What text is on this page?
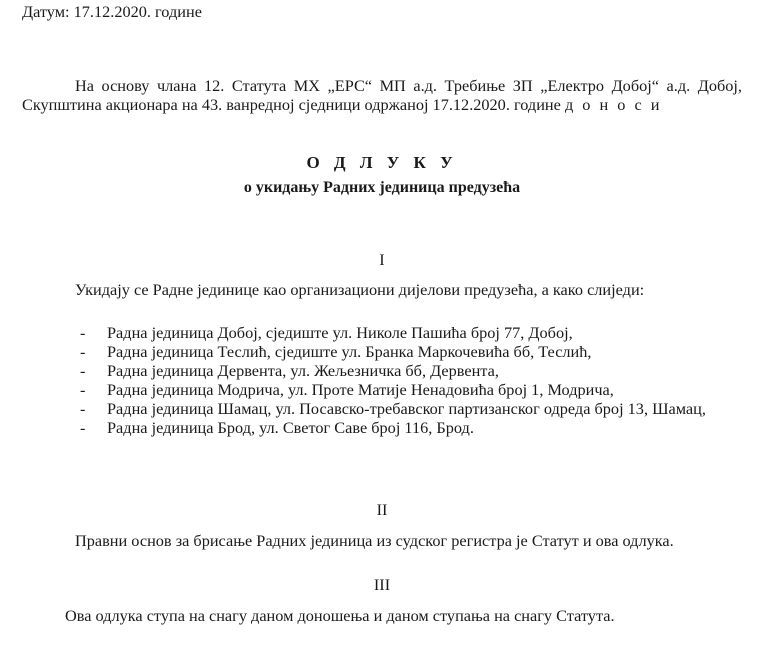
Датум: 17.12.2020. године

На основу члана 12. Статута МХ „ЕРС“ МП а.д. Требиње ЗП „Електро Добој“ а.д. Добој, Скупштина акционара на 43. ванредној сједници одржаној 17.12.2020. године д о н о с и

О Д Л У К У
о укидању Радних јединица предузећа
I

Укидају се Радне јединице као организациони дијелови предузећа, а како слиједи:

- Радна јединица Добој, сједиште ул. Николе Пашића број 77, Добој,
- Радна јединица Теслић, сједиште ул. Бранка Маркочевића бб, Теслић,
- Радна јединица Дервента, ул. Жељезничка бб, Дервента,
- Радна јединица Модрича, ул. Проте Матије Ненадовића број 1, Модрича,
- Радна јединица Шамац, ул. Посавско-требавског партизанског одреда број 13, Шамац,
- Радна јединица Брод, ул. Светог Саве број 116, Брод.
II

Правни основ за брисање Радних јединица из судског регистра је Статут и ова одлука.

III

Ова одлука ступа на снагу даном доношења и даном ступања на снагу Статута.
